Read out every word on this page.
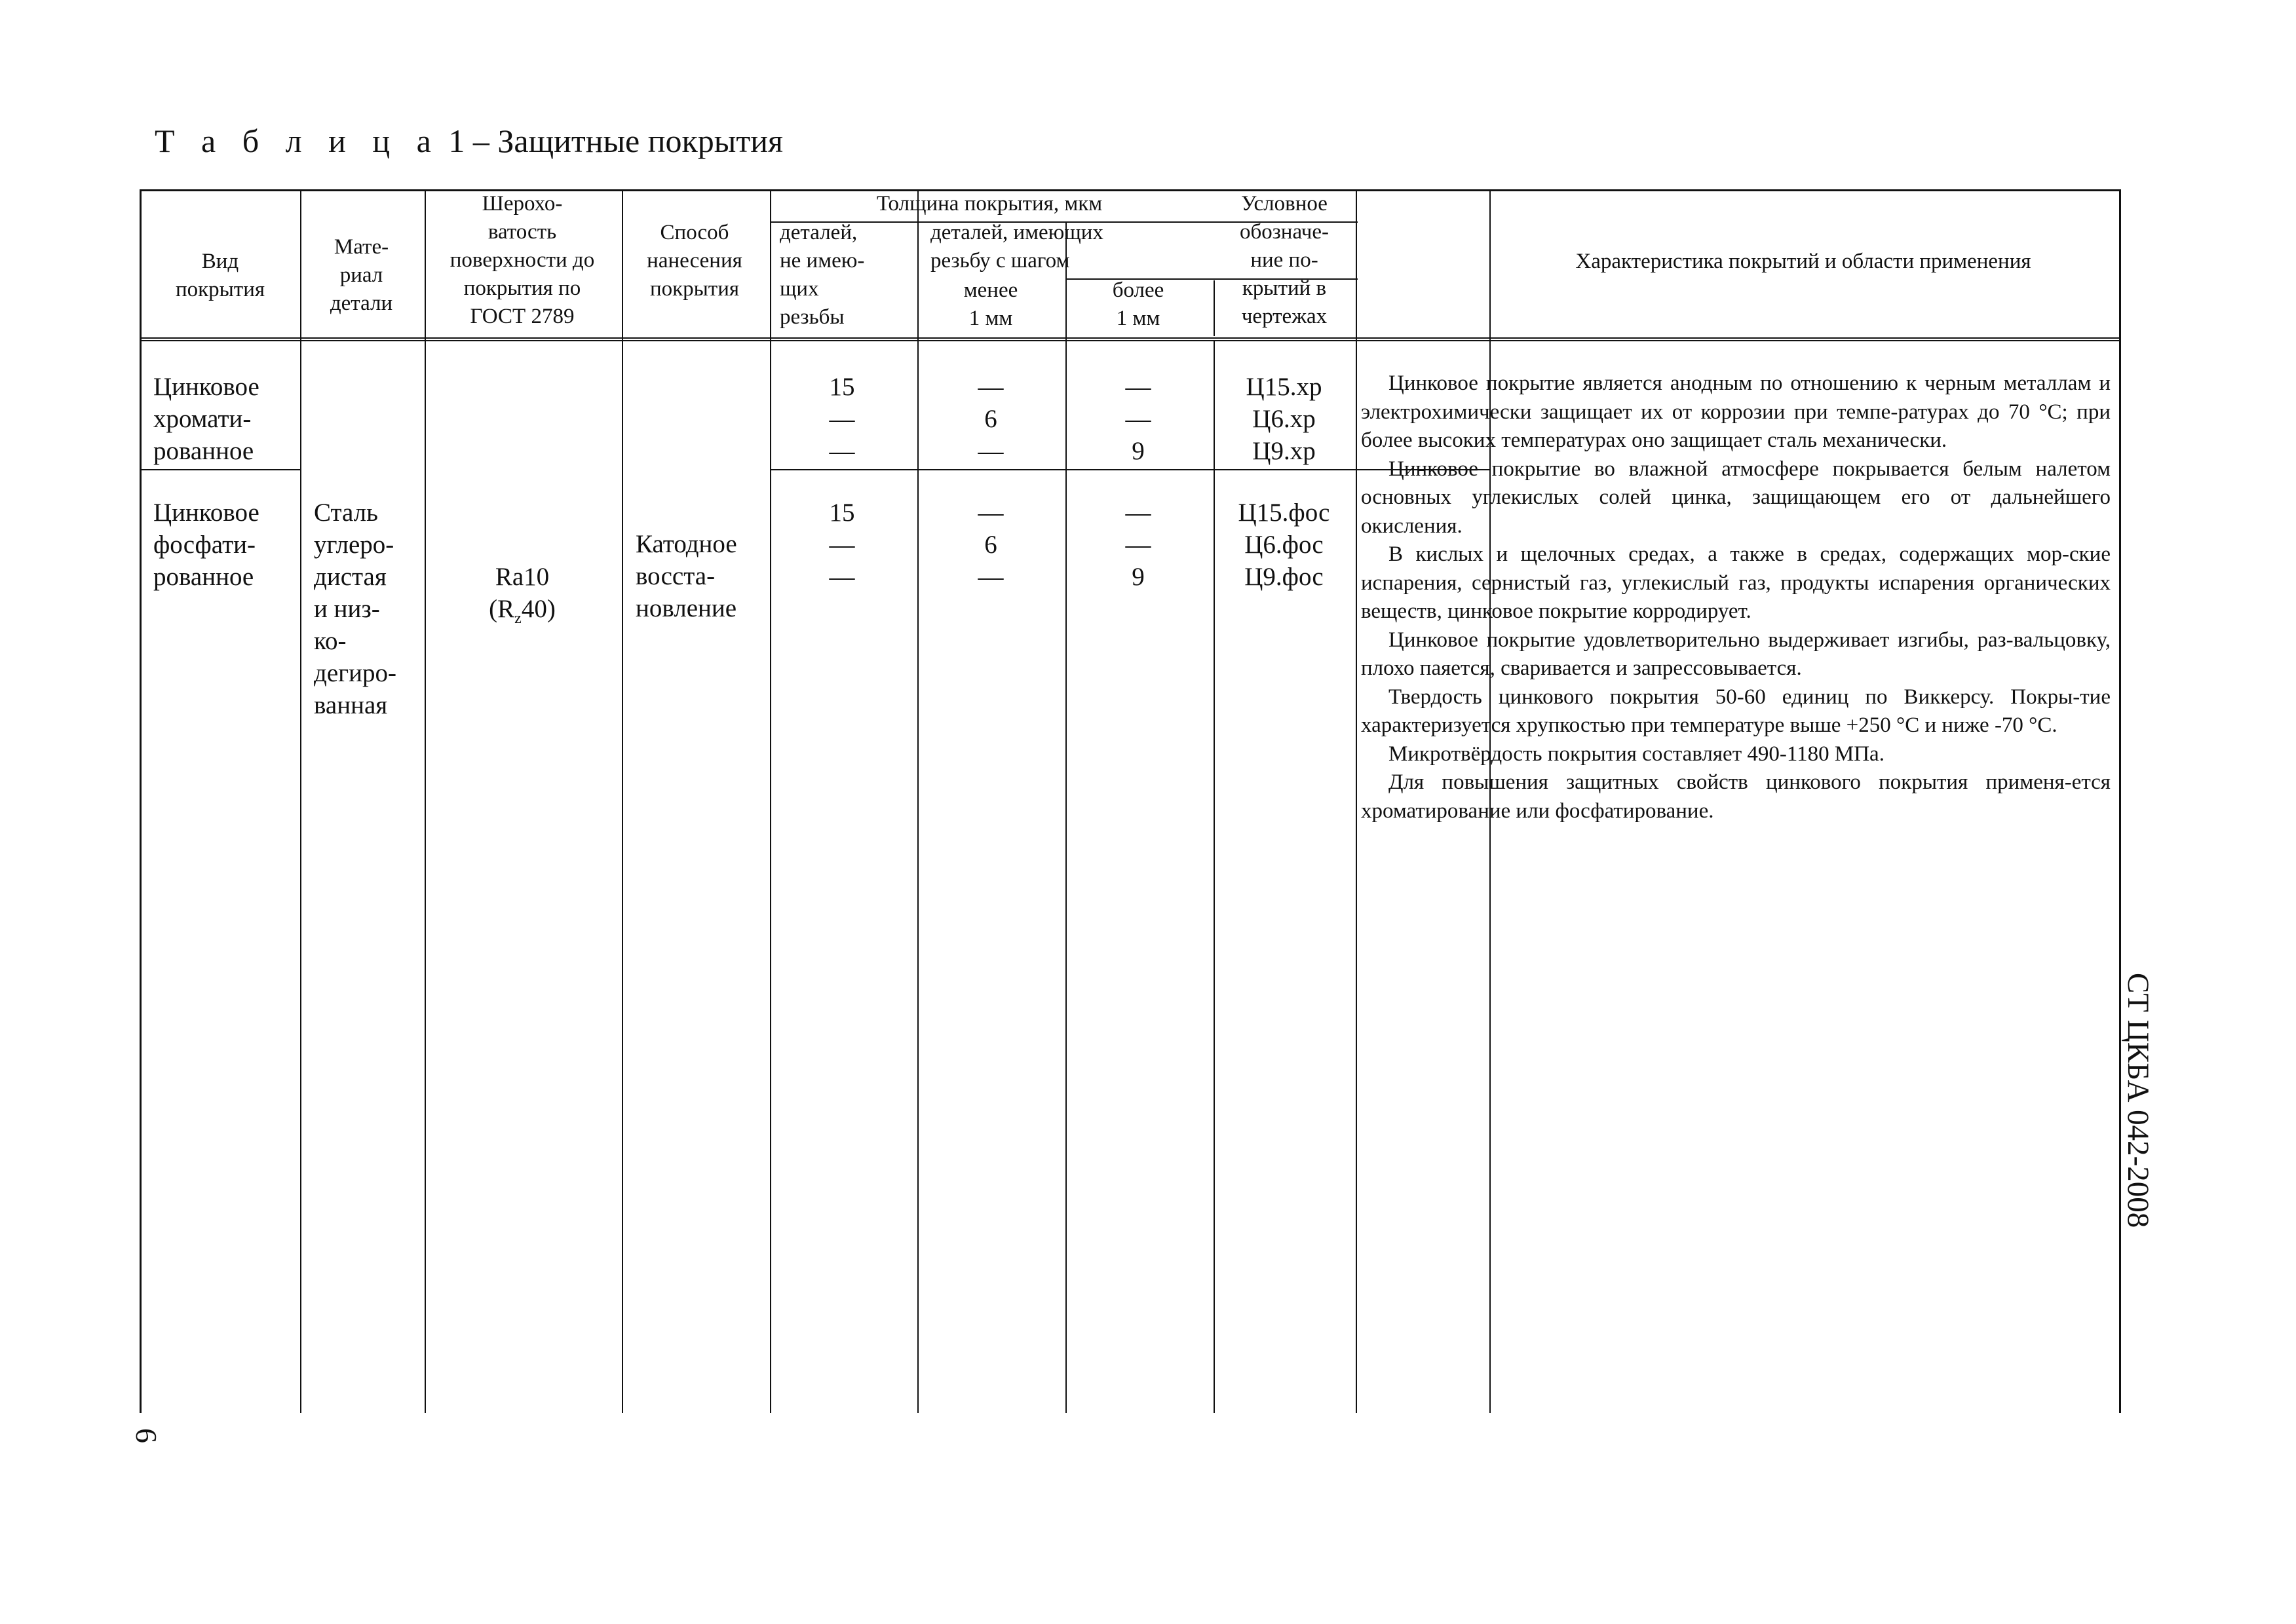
Т а б л и ц а 1 – Защитные покрытия
Вид
покрытия
Мате-
риал
детали
Шерохо-
ватость
поверхности до
покрытия по
ГОСТ 2789
Способ
нанесения
покрытия
Толщина покрытия, мкм
деталей,
не имею-
щих
резьбы
деталей, имеющих
резьбу с шагом
менее
1 мм
более
1 мм
Условное
обозначе-
ние по-
крытий в
чертежах
Характеристика покрытий и области применения
Цинковое
хромати-
рованное
15
—
—
—
6
—
—
—
9
Ц15.хр
Ц6.хр
Ц9.хр
Цинковое
фосфати-
рованное
15
—
—
—
6
—
—
—
9
Ц15.фос
Ц6.фос
Ц9.фос
Сталь
углеро-
дистая
и низ-
ко-
дегиро-
ванная
Ra10
$(R_z40)$
Катодное
восста-
новление

Цинковое покрытие является анодным по отношению к черным металлам и электрохимически защищает их от коррозии при темпе-ратурах до 70 °С; при более высоких температурах оно защищает сталь механически.

Цинковое покрытие во влажной атмосфере покрывается белым налетом основных углекислых солей цинка, защищающем его от дальнейшего окисления.

В кислых и щелочных средах, а также в средах, содержащих мор-ские испарения, сернистый газ, углекислый газ, продукты испарения органических веществ, цинковое покрытие корродирует.

Цинковое покрытие удовлетворительно выдерживает изгибы, раз-вальцовку, плохо паяется, сваривается и запрессовывается.

Твердость цинкового покрытия 50-60 единиц по Виккерсу. Покры-тие характеризуется хрупкостью при температуре выше +250 °С и ниже -70 °С.

Микротвёрдость покрытия составляет 490-1180 МПа.

Для повышения защитных свойств цинкового покрытия применя-ется хроматирование или фосфатирование.

СТ ЦКБА 042-2008
6
